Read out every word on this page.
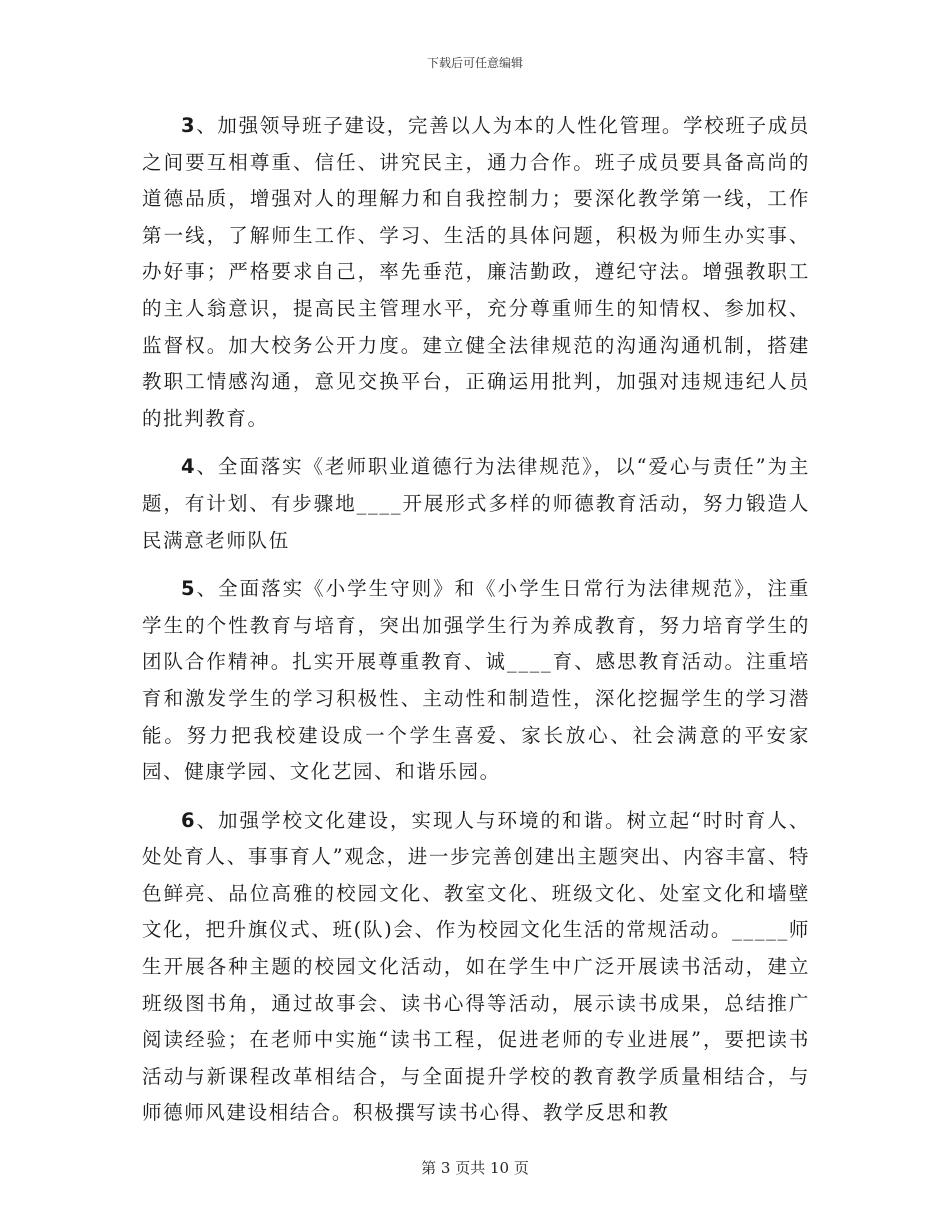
下载后可任意编辑

3、加强领导班子建设，完善以人为本的人性化管理。学校班子成员之间要互相尊重、信任、讲究民主，通力合作。班子成员要具备高尚的道德品质，增强对人的理解力和自我控制力；要深化教学第一线，工作第一线，了解师生工作、学习、生活的具体问题，积极为师生办实事、办好事；严格要求自己，率先垂范，廉洁勤政，遵纪守法。增强教职工的主人翁意识，提高民主管理水平，充分尊重师生的知情权、参加权、监督权。加大校务公开力度。建立健全法律规范的沟通沟通机制，搭建教职工情感沟通，意见交换平台，正确运用批判，加强对违规违纪人员的批判教育。

4、全面落实《老师职业道德行为法律规范》，以“爱心与责任”为主题，有计划、有步骤地____开展形式多样的师德教育活动，努力锻造人民满意老师队伍

5、全面落实《小学生守则》和《小学生日常行为法律规范》，注重学生的个性教育与培育，突出加强学生行为养成教育，努力培育学生的团队合作精神。扎实开展尊重教育、诚____育、感思教育活动。注重培育和激发学生的学习积极性、主动性和制造性，深化挖掘学生的学习潜能。努力把我校建设成一个学生喜爱、家长放心、社会满意的平安家园、健康学园、文化艺园、和谐乐园。

6、加强学校文化建设，实现人与环境的和谐。树立起“时时育人、处处育人、事事育人”观念，进一步完善创建出主题突出、内容丰富、特色鲜亮、品位高雅的校园文化、教室文化、班级文化、处室文化和墙壁文化，把升旗仪式、班(队)会、作为校园文化生活的常规活动。_____师生开展各种主题的校园文化活动，如在学生中广泛开展读书活动，建立班级图书角，通过故事会、读书心得等活动，展示读书成果，总结推广阅读经验；在老师中实施“读书工程，促进老师的专业进展”，要把读书活动与新课程改革相结合，与全面提升学校的教育教学质量相结合，与师德师风建设相结合。积极撰写读书心得、教学反思和教

第 3 页共 10 页
